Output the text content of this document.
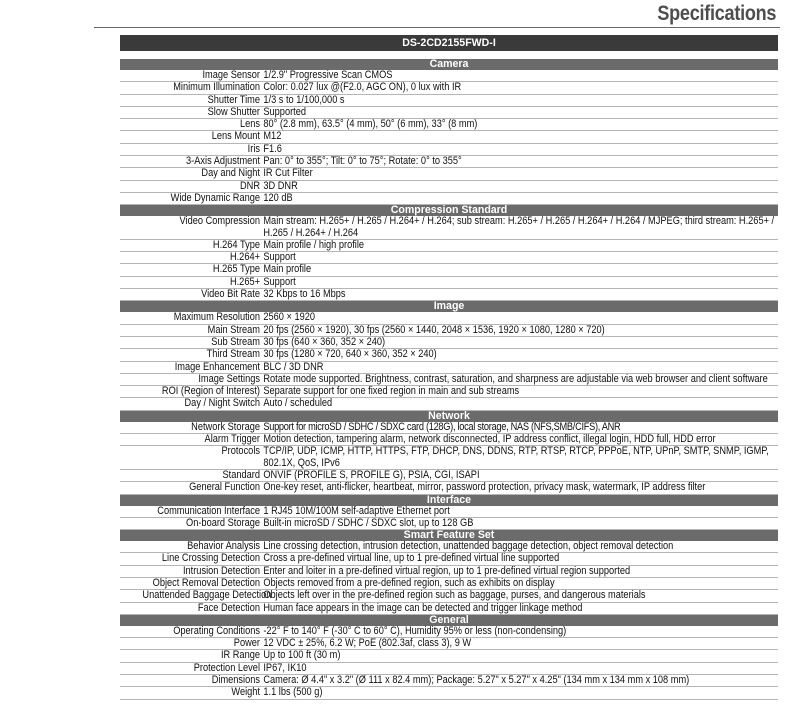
Specifications
DS-2CD2155FWD-I
Camera
Image Sensor 1/2.9" Progressive Scan CMOS
Minimum Illumination Color: 0.027 lux @(F2.0, AGC ON), 0 lux with IR
Shutter Time 1/3 s to 1/100,000 s
Slow Shutter Supported
Lens 80° (2.8 mm), 63.5° (4 mm), 50° (6 mm), 33° (8 mm)
Lens Mount M12
Iris F1.6
3-Axis Adjustment Pan: 0° to 355°; Tilt: 0° to 75°; Rotate: 0° to 355°
Day and Night IR Cut Filter
DNR 3D DNR
Wide Dynamic Range 120 dB
Compression Standard
Video Compression Main stream: H.265+ / H.265 / H.264+ / H.264; sub stream: H.265+ / H.265 / H.264+ / H.264 / MJPEG; third stream: H.265+ / H.265 / H.264+ / H.264
H.264 Type Main profile / high profile
H.264+ Support
H.265 Type Main profile
H.265+ Support
Video Bit Rate 32 Kbps to 16 Mbps
Image
Maximum Resolution 2560 × 1920
Main Stream 20 fps (2560 × 1920), 30 fps (2560 × 1440, 2048 × 1536, 1920 × 1080, 1280 × 720)
Sub Stream 30 fps (640 × 360, 352 × 240)
Third Stream 30 fps (1280 × 720, 640 × 360, 352 × 240)
Image Enhancement BLC / 3D DNR
Image Settings Rotate mode supported. Brightness, contrast, saturation, and sharpness are adjustable via web browser and client software
ROI (Region of Interest) Separate support for one fixed region in main and sub streams
Day / Night Switch Auto / scheduled
Network
Network Storage Support for microSD / SDHC / SDXC card (128G), local storage, NAS (NFS,SMB/CIFS), ANR
Alarm Trigger Motion detection, tampering alarm, network disconnected, IP address conflict, illegal login, HDD full, HDD error
Protocols TCP/IP, UDP, ICMP, HTTP, HTTPS, FTP, DHCP, DNS, DDNS, RTP, RTSP, RTCP, PPPoE, NTP, UPnP, SMTP, SNMP, IGMP, 802.1X, QoS, IPv6
Standard ONVIF (PROFILE S, PROFILE G), PSIA, CGI, ISAPI
General Function One-key reset, anti-flicker, heartbeat, mirror, password protection, privacy mask, watermark, IP address filter
Interface
Communication Interface 1 RJ45 10M/100M self-adaptive Ethernet port
On-board Storage Built-in microSD / SDHC / SDXC slot, up to 128 GB
Smart Feature Set
Behavior Analysis Line crossing detection, intrusion detection, unattended baggage detection, object removal detection
Line Crossing Detection Cross a pre-defined virtual line, up to 1 pre-defined virtual line supported
Intrusion Detection Enter and loiter in a pre-defined virtual region, up to 1 pre-defined virtual region supported
Object Removal Detection Objects removed from a pre-defined region, such as exhibits on display
Unattended Baggage Detection
Objects left over in the pre-defined region such as baggage, purses, and dangerous materials
Face Detection Human face appears in the image can be detected and trigger linkage method
General
Operating Conditions -22° F to 140° F (-30° C to 60° C), Humidity 95% or less (non-condensing)
Power 12 VDC ± 25%, 6.2 W; PoE (802.3af, class 3), 9 W
IR Range Up to 100 ft (30 m)
Protection Level IP67, IK10
Dimensions Camera: Ø 4.4" x 3.2" (Ø 111 x 82.4 mm); Package: 5.27" x 5.27" x 4.25" (134 mm x 134 mm x 108 mm)
Weight 1.1 lbs (500 g)
